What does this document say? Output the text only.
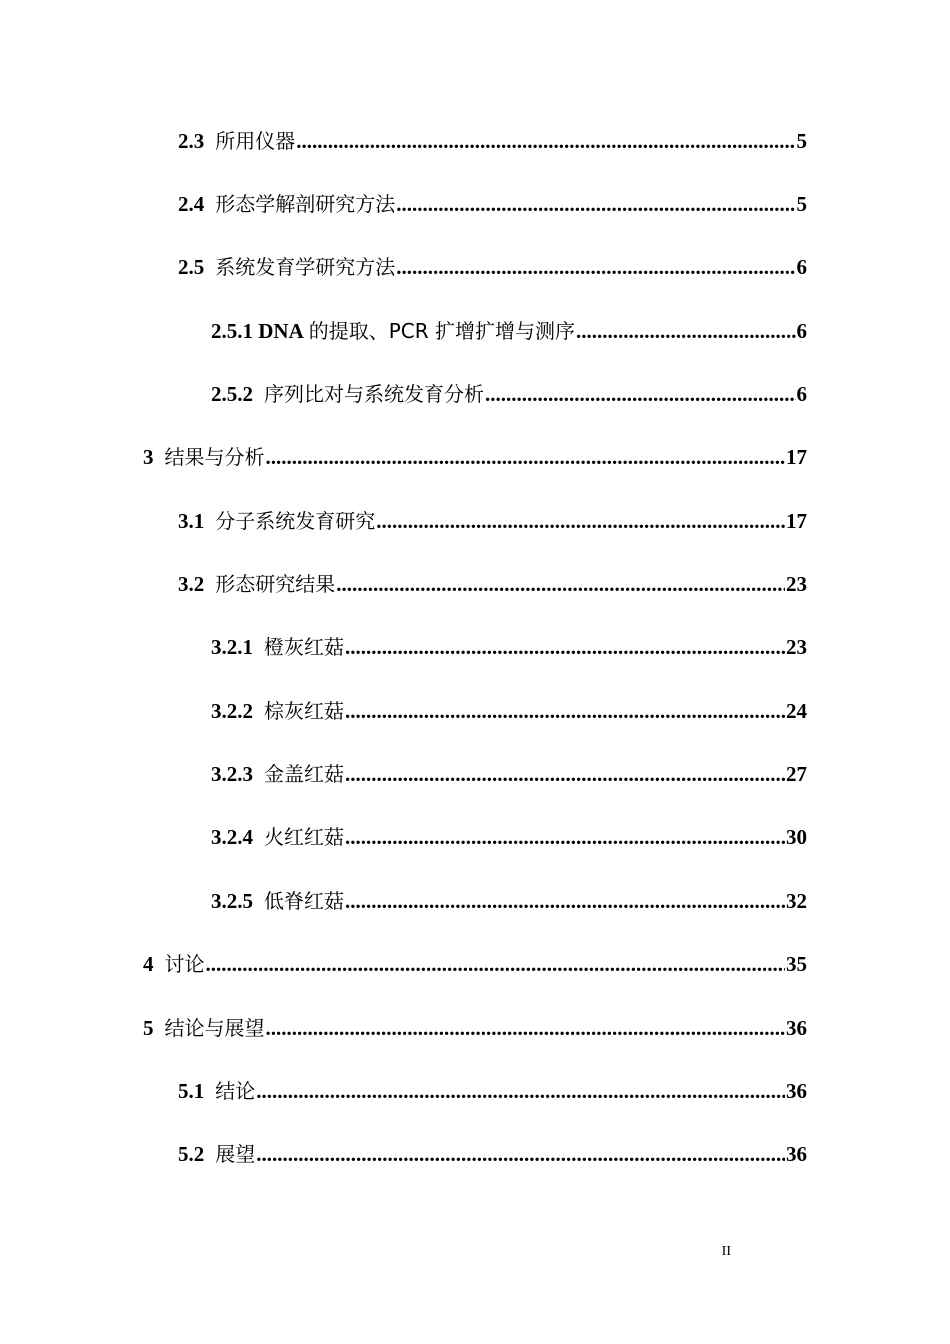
2.3 所用仪器 .....	5
2.4 形态学解剖研究方法 .....	5
2.5 系统发育学研究方法 .....	6
2.5.1 DNA 的提取、PCR 扩增扩增与测序 .....	6
2.5.2 序列比对与系统发育分析 .....	6
3 结果与分析 .....	17
3.1 分子系统发育研究 .....	17
3.2 形态研究结果 .....	23
3.2.1 橙灰红菇 .....	23
3.2.2 棕灰红菇 .....	24
3.2.3 金盖红菇 .....	27
3.2.4 火红红菇 .....	30
3.2.5 低脊红菇 .....	32
4 讨论 .....	35
5 结论与展望 .....	36
5.1 结论 .....	36
5.2 展望 .....	36
II
